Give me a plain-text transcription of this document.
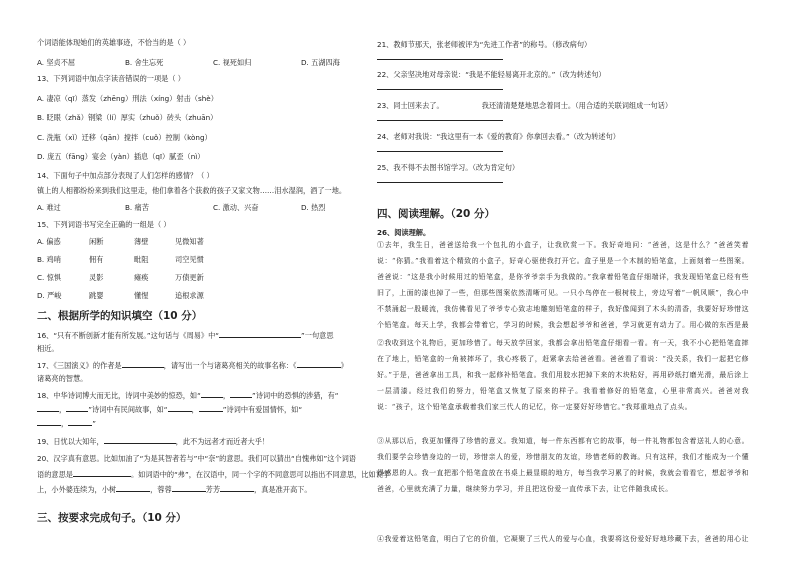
个词语能体现她们的英雄事迹，不恰当的是（ ）
A. 坚贞不屈	B. 舍生忘死	C. 视死如归	D. 五湖四海
13、下列词语中加点字读音错误的一项是（ ）
A. 凄凉（qī）蒸发（zhēng）刑法（xíng）射击（shè）
B. 眨眼（zhǎ）钢梁（lí）厚实（zhuǒ）砖头（zhuān）
C. 洗瓶（xǐ）迁移（qān）搅拌（cuǒ）控制（kòng）
D. 庞五（fāng）宴会（yàn）插息（qī）腻歪（nì）
14、下面句子中加点部分表现了人们怎样的感情？（ ）
镇上的人相都纷纷来到我们这里走，他们拿着各个获救的孩子又家文物……泪水湿润，酒了一地。
A. 难过	B. 痛苦	C. 激动、兴奋	D. 热烈
15、下列词语书写完全正确的一组是（ ）
A. 偏惑	闲断	薄壁	见微知著
B. 鸡哨	佣有	毗阻	司空见惯
C. 惊惧	灵影	瘫痪	万债更新
D. 严峻	跳婴	懂惺	追根求源
二、根据所学的知识填空（10 分）
16、“只有不断创新才能有所发展。”这句话与《周易》中“	”一句意思
相近。
17、《三国演义》的作者是	，请写出一个与诸葛亮相关的故事名称：《	》
诸葛亮的智慧。
18、中华诗词博大而无比，诗词中美妙的惊恐，如“	，	”诗词中的恐惧的涉猎，有“
，	”诗词中有民间故事，如“	，	”诗词中有爱国情怀，如“
，	”
19、日忧以大知年，	，此不为远者才而近者大乎！
20、汉字真有意思。比如加油了“为是其智者若与”中“奈”的意思。我们可以猜出“自愧弗如”这个词语
语的意思是	。如词语中的“弗”，在汉语中，同一个字的不同意思可以指出不同意思，比如说学
上，小外婆连续为，小树	，蓉蓉	芳芳	，真是准开高下。
三、按要求完成句子。（10 分）
21、教师节那天，张老师被评为“先进工作者”的称号。（修改病句）
22、父亲坚决地对母亲说：“我是不能轻易离开北京的。”（改为转述句）
23、同士回来去了。	我还清清楚楚地思念着同士。（用合适的关联词组成一句话）
24、老师对我说：“我这里有一本《爱的教育》你拿回去看。”（改为转述句）
25、我不得不去图书馆学习。（改为肯定句）
四、阅读理解。（20 分）
26、阅读理解。
①去年，我生日，爸爸送给我一个包扎的小盒子，让我欣赏一下。我好奇地问：“爸爸，这是什么？”爸爸笑着说：“你猜。”我看着这个精致的小盒子，好奇心驱使我打开它。盒子里是一个木制的铅笔盒，上面刻着一些图案。爸爸说：“这是我小时候用过的铅笔盒，是你爷爷亲手为我做的。”我拿着铅笔盒仔细端详，我发现铅笔盒已经有些旧了，上面的漆也掉了一些，但那些图案依然清晰可见。一只小鸟停在一根树枝上，旁边写着“一帆风顺”，我心中不禁涌起一股暖流，我仿佛看见了爷爷专心致志地雕刻铅笔盒的样子，我好像闻到了木头的清香，我要好好珍惜这个铅笔盒。每天上学，我都会带着它，学习的时候，我会想起爷爷和爸爸，学习就更有动力了。用心做的东西是最
②我收到这个礼物后，更加珍惜了。每天放学回家，我都会拿出铅笔盒仔细看一看。有一天，我不小心把铅笔盒摔在了地上，铅笔盒的一角被摔坏了，我心疼极了，赶紧拿去给爸爸看。爸爸看了看说：“没关系，我们一起把它修好。”于是，爸爸拿出工具，和我一起修补铅笔盒。我们用胶水把掉下来的木块粘好，再用砂纸打磨光滑，最后涂上一层清漆。经过我们的努力，铅笔盒又恢复了原来的样子。我看着修好的铅笔盒，心里非常高兴。爸爸对我说：“孩子，这个铅笔盒承载着我们家三代人的记忆，你一定要好好珍惜它。”我郑重地点了点头。
③从那以后，我更加懂得了珍惜的意义。我知道，每一件东西都有它的故事，每一件礼物都包含着送礼人的心意。我们要学会珍惜身边的一切，珍惜亲人的爱，珍惜朋友的友谊，珍惜老师的教诲。只有这样，我们才能成为一个懂得感恩的人。我一直把那个铅笔盒放在书桌上最显眼的地方，每当我学习累了的时候，我就会看看它，想起爷爷和爸爸，心里就充满了力量，继续努力学习，并且把这份爱一直传承下去，让它伴随我成长。
④我爱着这铅笔盒，明白了它的价值，它凝聚了三代人的爱与心血，我要将这份爱好好地珍藏下去，爸爸的用心让
